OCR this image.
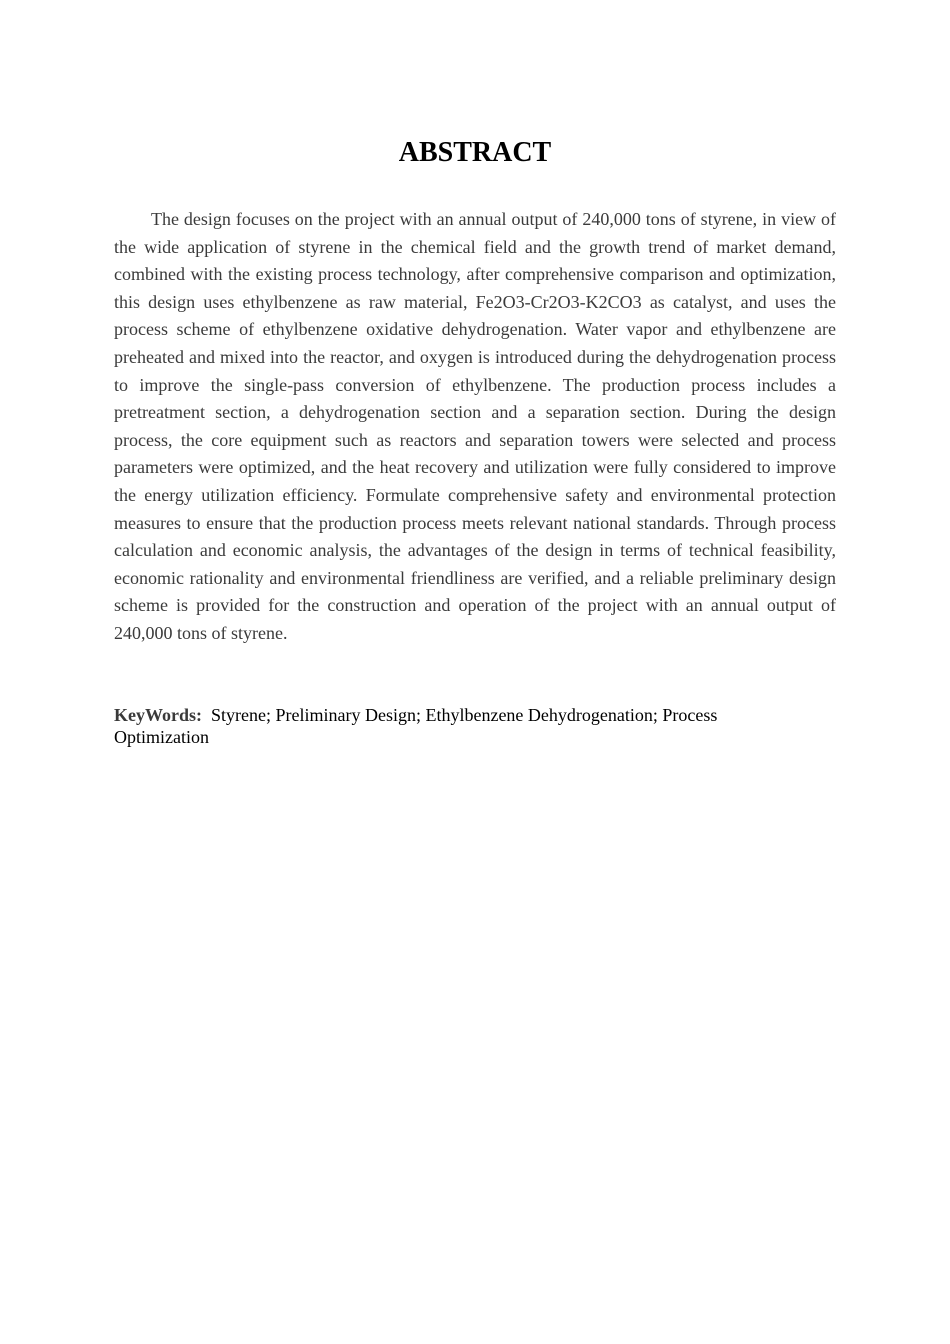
ABSTRACT

The design focuses on the project with an annual output of 240,000 tons of styrene, in view of the wide application of styrene in the chemical field and the growth trend of market demand, combined with the existing process technology, after comprehensive comparison and optimization, this design uses ethylbenzene as raw material, Fe2O3-Cr2O3-K2CO3 as catalyst, and uses the process scheme of ethylbenzene oxidative dehydrogenation. Water vapor and ethylbenzene are preheated and mixed into the reactor, and oxygen is introduced during the dehydrogenation process to improve the single-pass conversion of ethylbenzene. The production process includes a pretreatment section, a dehydrogenation section and a separation section. During the design process, the core equipment such as reactors and separation towers were selected and process parameters were optimized, and the heat recovery and utilization were fully considered to improve the energy utilization efficiency. Formulate comprehensive safety and environmental protection measures to ensure that the production process meets relevant national standards. Through process calculation and economic analysis, the advantages of the design in terms of technical feasibility, economic rationality and environmental friendliness are verified, and a reliable preliminary design scheme is provided for the construction and operation of the project with an annual output of 240,000 tons of styrene.

KeyWords: Styrene; Preliminary Design; Ethylbenzene Dehydrogenation; Process Optimization
